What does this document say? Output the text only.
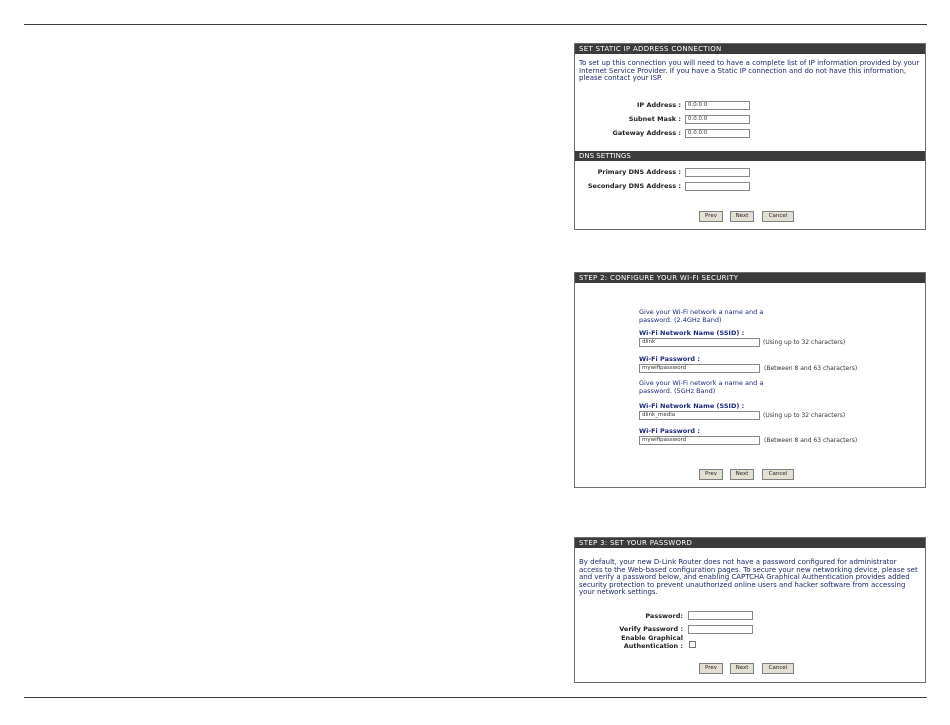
SET STATIC IP ADDRESS CONNECTION
To set up this connection you will need to have a complete list of IP information provided by your Internet Service Provider. If you have a Static IP connection and do not have this information, please contact your ISP.
IP Address :	0.0.0.0
Subnet Mask :	0.0.0.0
Gateway Address :	0.0.0.0
DNS SETTINGS
Primary DNS Address :
Secondary DNS Address :
Prev	Next	Cancel
STEP 2: CONFIGURE YOUR WI-FI SECURITY
Give your Wi-Fi network a name and a password. (2.4GHz Band)
Wi-Fi Network Name (SSID) :
dlink	(Using up to 32 characters)
Wi-Fi Password :
mywifipassword	(Between 8 and 63 characters)
Give your Wi-Fi network a name and a password. (5GHz Band)
Wi-Fi Network Name (SSID) :
dlink_media	(Using up to 32 characters)
Wi-Fi Password :
mywifipassword	(Between 8 and 63 characters)
Prev	Next	Cancel
STEP 3: SET YOUR PASSWORD
By default, your new D-Link Router does not have a password configured for administrator access to the Web-based configuration pages. To secure your new networking device, please set and verify a password below, and enabling CAPTCHA Graphical Authentication provides added security protection to prevent unauthorized online users and hacker software from accessing your network settings.
Password:
Verify Password :
Enable Graphical
Authentication :
Prev	Next	Cancel
